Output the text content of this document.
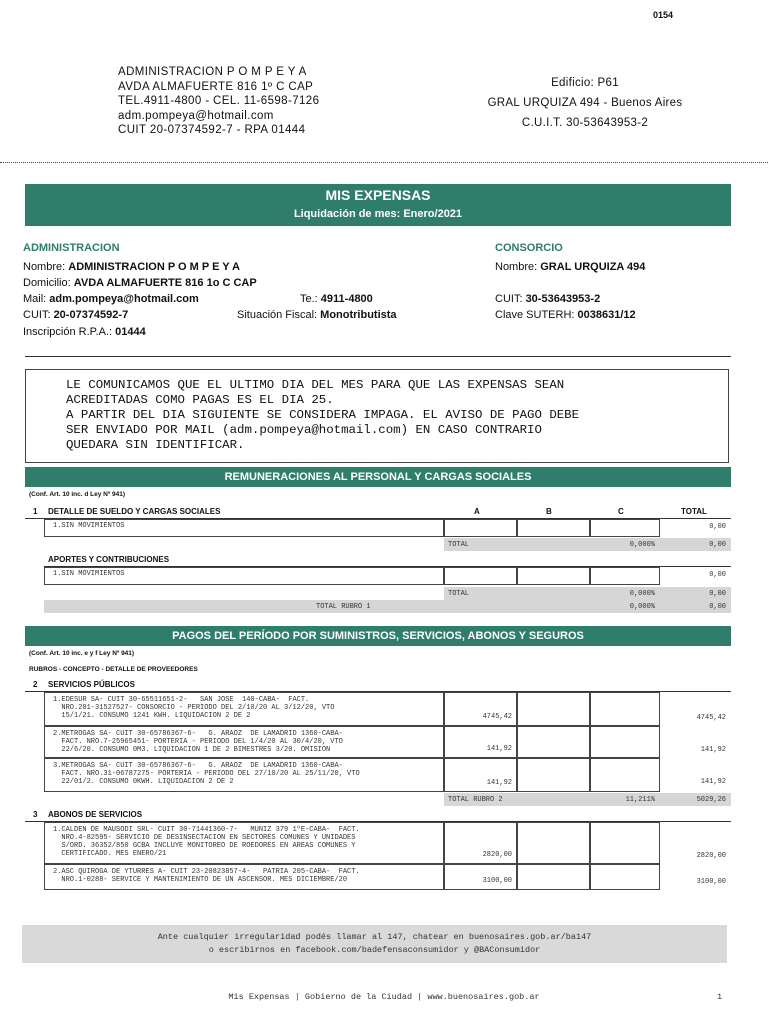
0154
ADMINISTRACION P O M P E Y A
AVDA ALMAFUERTE 816 1º C CAP
TEL.4911-4800 - CEL. 11-6598-7126
adm.pompeya@hotmail.com
CUIT 20-07374592-7 - RPA 01444
Edificio: P61
GRAL URQUIZA 494 - Buenos Aires
C.U.I.T. 30-53643953-2
MIS EXPENSAS
Liquidación de mes: Enero/2021
ADMINISTRACION
Nombre: ADMINISTRACION P O M P E Y A
Domicilio: AVDA ALMAFUERTE 816 1o C CAP
Mail: adm.pompeya@hotmail.com	Te.: 4911-4800
CUIT: 20-07374592-7	Situación Fiscal: Monotributista
Inscripción R.P.A.: 01444
CONSORCIO
Nombre: GRAL URQUIZA 494
CUIT: 30-53643953-2
Clave SUTERH: 0038631/12
LE COMUNICAMOS QUE EL ULTIMO DIA DEL MES PARA QUE LAS EXPENSAS SEAN
ACREDITADAS COMO PAGAS ES EL DIA 25.
A PARTIR DEL DIA SIGUIENTE SE CONSIDERA IMPAGA. EL AVISO DE PAGO DEBE
SER ENVIADO POR MAIL (adm.pompeya@hotmail.com) EN CASO CONTRARIO
QUEDARA SIN IDENTIFICAR.
REMUNERACIONES AL PERSONAL Y CARGAS SOCIALES
(Conf. Art. 10 inc. d Ley Nº 941)
1 DETALLE DE SUELDO Y CARGAS SOCIALES	A	B	C	TOTAL
1.SIN MOVIMIENTOS	0,00
TOTAL	0,000%	0,00
APORTES Y CONTRIBUCIONES
1.SIN MOVIMIENTOS	0,00
TOTAL	0,000%	0,00
TOTAL RUBRO 1	0,000%	0,00
PAGOS DEL PERÍODO POR SUMINISTROS, SERVICIOS, ABONOS Y SEGUROS
(Conf. Art. 10 inc. e y f Ley Nº 941)
RUBROS - CONCEPTO - DETALLE DE PROVEEDORES
2 SERVICIOS PÚBLICOS
1.EDESUR SA- CUIT 30-65511651-2-   SAN JOSE  140-CABA-  FACT.
NRO.201-31527527- CONSORCIO - PERIODO DEL 2/10/20 AL 3/12/20, VTO
15/1/21. CONSUMO 1241 KWH. LIQUIDACION 2 DE 2	4745,42	4745,42
2.METROGAS SA- CUIT 30-65786367-6-   G. ARAOZ  DE LAMADRID 1360-CABA-
FACT. NRO.7-25965451- PORTERIA - PERIODO DEL 1/4/20 AL 30/4/20, VTO
22/6/20. CONSUMO 0M3. LIQUIDACION 1 DE 2 BIMESTRES 3/20. OMISION	141,92	141,92
3.METROGAS SA- CUIT 30-65786367-6-   G. ARAOZ  DE LAMADRID 1360-CABA-
FACT. NRO.31-06787275- PORTERIA - PERIODO DEL 27/10/20 AL 25/11/20, VTO
22/01/2. CONSUMO 0KWH. LIQUIDACION 2 DE 2	141,92	141,92
TOTAL RUBRO 2	11,211%	5029,26
3 ABONOS DE SERVICIOS
1.CALDEN DE MAUSODI SRL- CUIT 30-71441360-7-   MUNIZ 379 1ºE-CABA-  FACT.
NRO.4-82595- SERVICIO DE DESINSECTACION EN SECTORES COMUNES Y UNIDADES
S/ORD. 36352/850 GCBA INCLUYE MONITOREO DE ROEDORES EN AREAS COMUNES Y
CERTIFICADO. MES ENERO/21	2820,00	2820,00
2.ASC QUIROGA DE YTURRES A- CUIT 23-20823857-4-   PATRIA 205-CABA-  FACT.
NRO.1-0288- SERVICE Y MANTENIMIENTO DE UN ASCENSOR. MES DICIEMBRE/20	3100,00	3100,00
Ante cualquier irregularidad podés llamar al 147, chatear en buenosaires.gob.ar/ba147
o escribirnos en facebook.com/badefensaconsumidor y @BAConsumidor
Mis Expensas | Gobierno de la Ciudad | www.buenosaires.gob.ar	1
